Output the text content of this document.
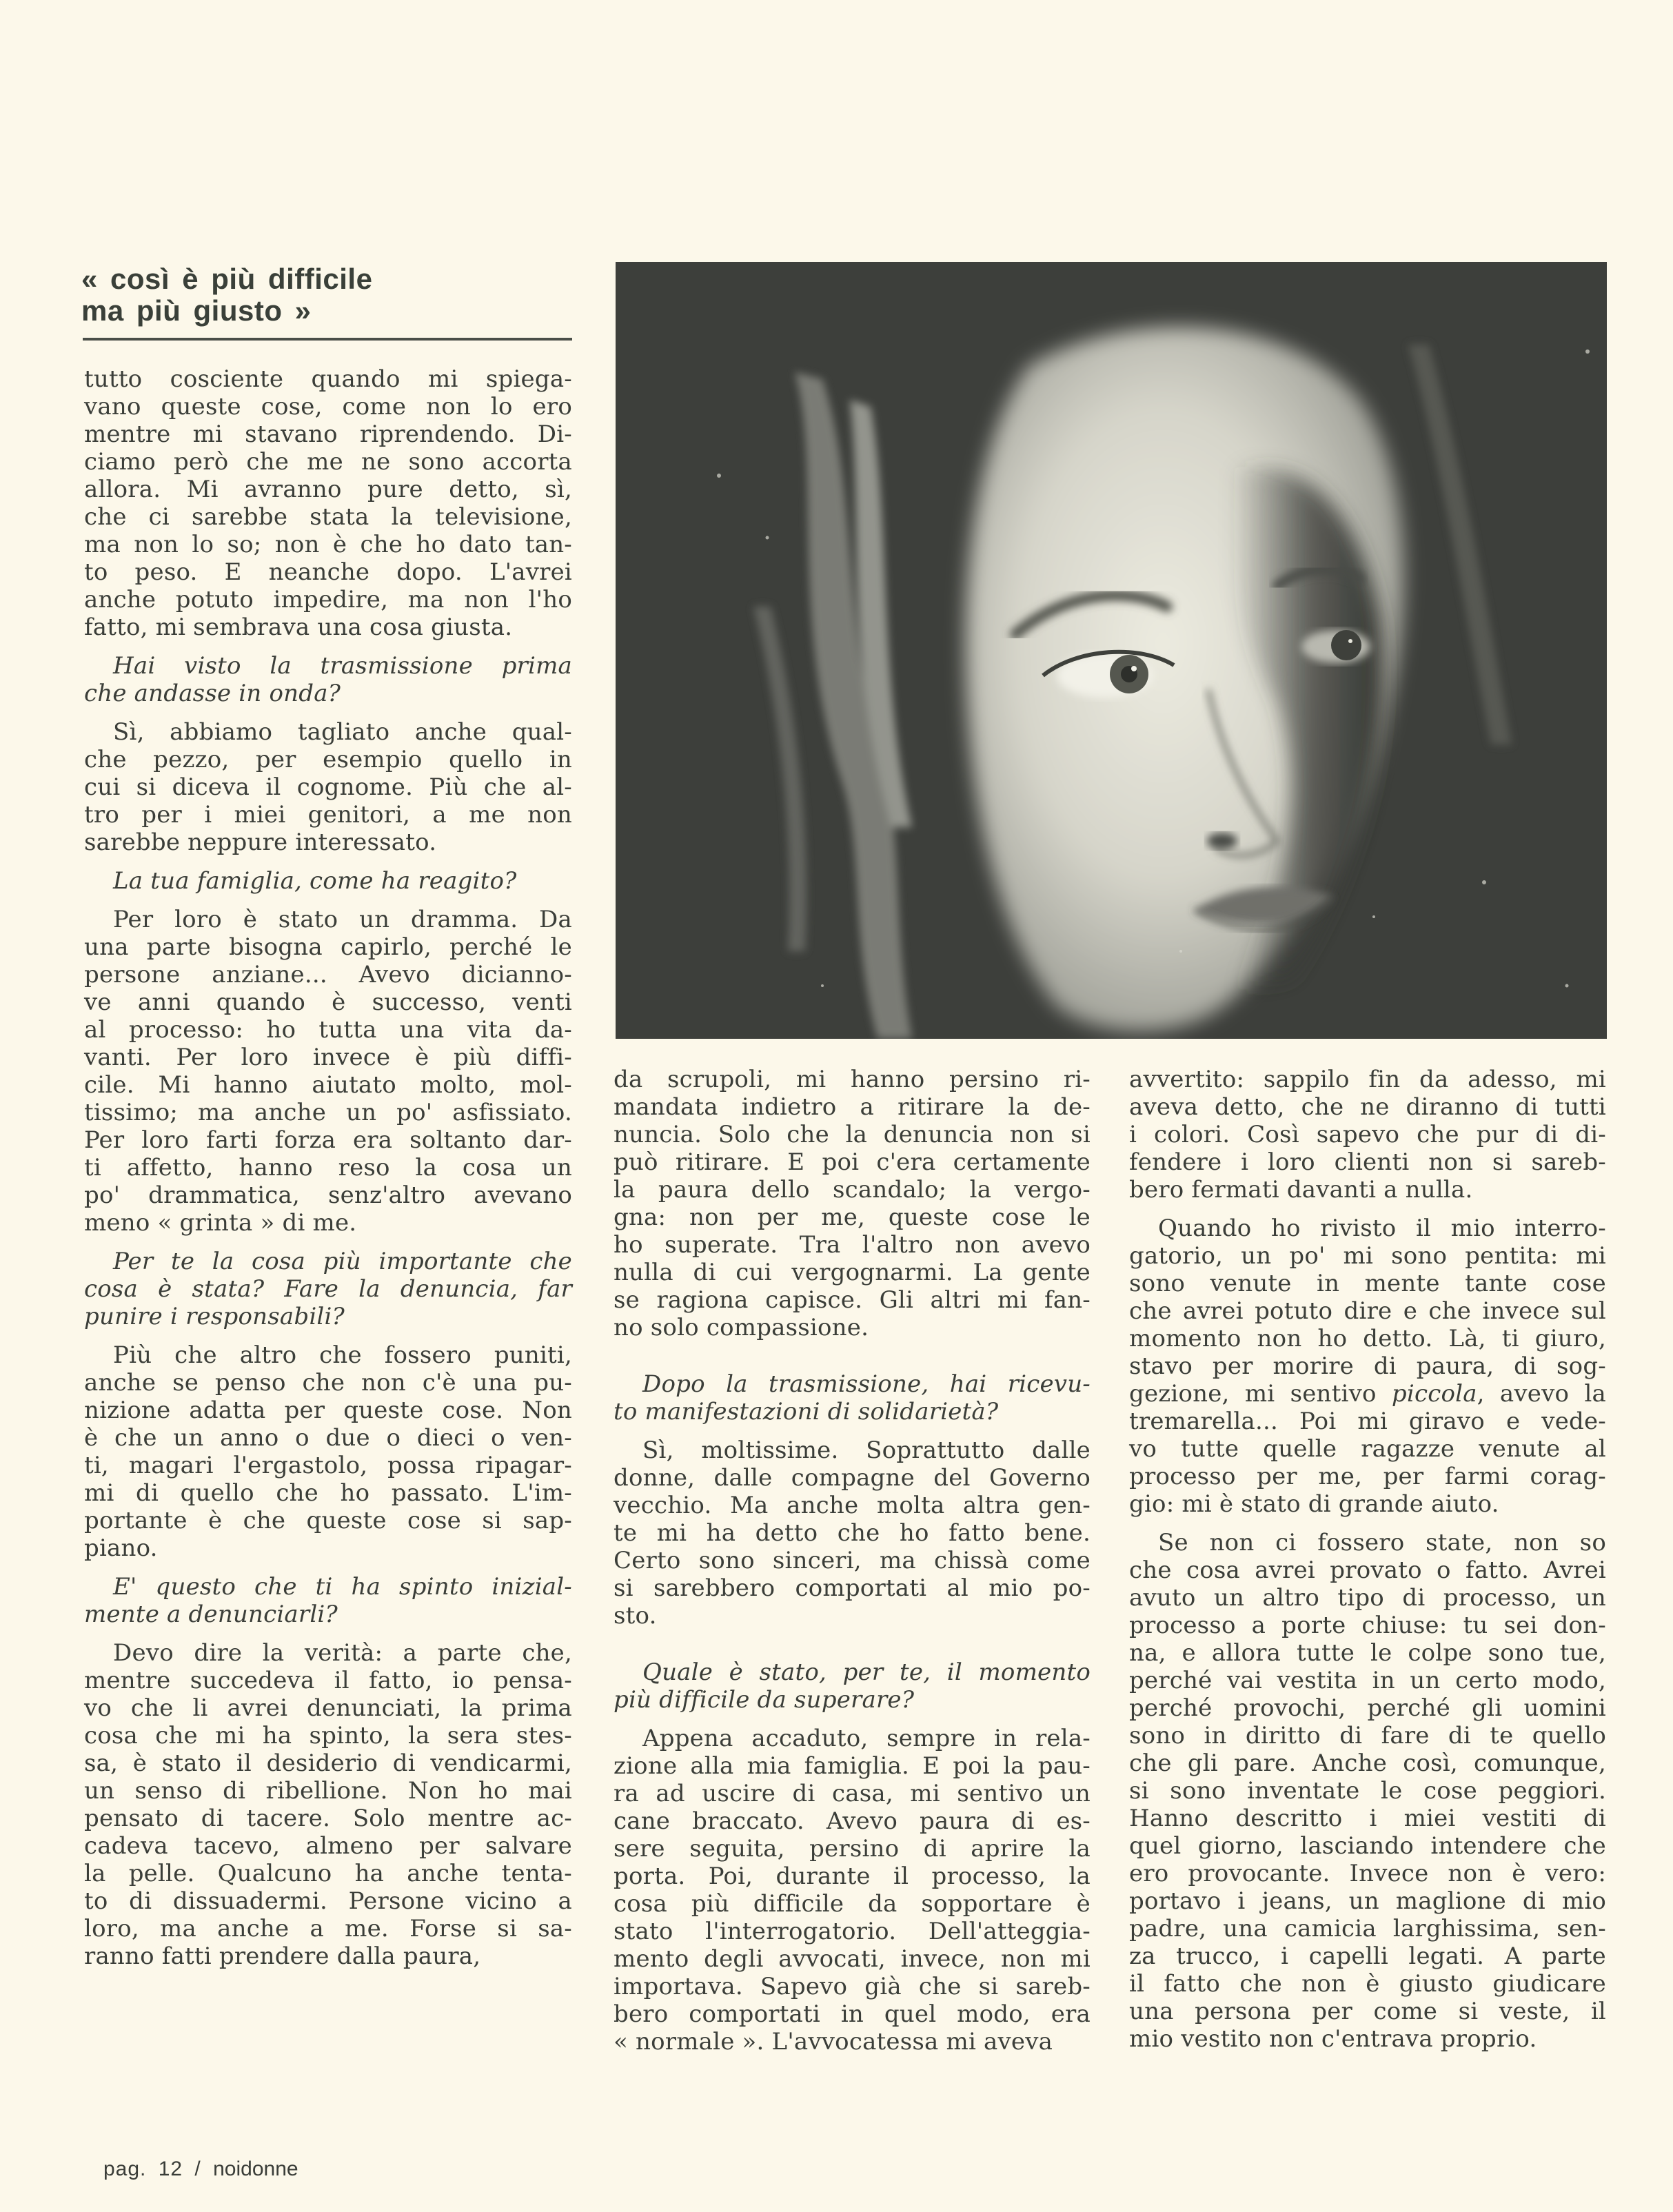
« così è più difficile
ma più giusto »
tutto cosciente quando mi spiega-
vano queste cose, come non lo ero
mentre mi stavano riprendendo. Di-
ciamo però che me ne sono accorta
allora. Mi avranno pure detto, sì,
che ci sarebbe stata la televisione,
ma non lo so; non è che ho dato tan-
to peso. E neanche dopo. L'avrei
anche potuto impedire, ma non l'ho
fatto, mi sembrava una cosa giusta.
Hai visto la trasmissione prima
che andasse in onda?
Sì, abbiamo tagliato anche qual-
che pezzo, per esempio quello in
cui si diceva il cognome. Più che al-
tro per i miei genitori, a me non
sarebbe neppure interessato.
La tua famiglia, come ha reagito?
Per loro è stato un dramma. Da
una parte bisogna capirlo, perché le
persone anziane... Avevo dicianno-
ve anni quando è successo, venti
al processo: ho tutta una vita da-
vanti. Per loro invece è più diffi-
cile. Mi hanno aiutato molto, mol-
tissimo; ma anche un po' asfissiato.
Per loro farti forza era soltanto dar-
ti affetto, hanno reso la cosa un
po' drammatica, senz'altro avevano
meno « grinta » di me.
Per te la cosa più importante che
cosa è stata? Fare la denuncia, far
punire i responsabili?
Più che altro che fossero puniti,
anche se penso che non c'è una pu-
nizione adatta per queste cose. Non
è che un anno o due o dieci o ven-
ti, magari l'ergastolo, possa ripagar-
mi di quello che ho passato. L'im-
portante è che queste cose si sap-
piano.
E' questo che ti ha spinto inizial-
mente a denunciarli?
Devo dire la verità: a parte che,
mentre succedeva il fatto, io pensa-
vo che li avrei denunciati, la prima
cosa che mi ha spinto, la sera stes-
sa, è stato il desiderio di vendicarmi,
un senso di ribellione. Non ho mai
pensato di tacere. Solo mentre ac-
cadeva tacevo, almeno per salvare
la pelle. Qualcuno ha anche tenta-
to di dissuadermi. Persone vicino a
loro, ma anche a me. Forse si sa-
ranno fatti prendere dalla paura,
da scrupoli, mi hanno persino ri-
mandata indietro a ritirare la de-
nuncia. Solo che la denuncia non si
può ritirare. E poi c'era certamente
la paura dello scandalo; la vergo-
gna: non per me, queste cose le
ho superate. Tra l'altro non avevo
nulla di cui vergognarmi. La gente
se ragiona capisce. Gli altri mi fan-
no solo compassione.
Dopo la trasmissione, hai ricevu-
to manifestazioni di solidarietà?
Sì, moltissime. Soprattutto dalle
donne, dalle compagne del Governo
vecchio. Ma anche molta altra gen-
te mi ha detto che ho fatto bene.
Certo sono sinceri, ma chissà come
si sarebbero comportati al mio po-
sto.
Quale è stato, per te, il momento
più difficile da superare?
Appena accaduto, sempre in rela-
zione alla mia famiglia. E poi la pau-
ra ad uscire di casa, mi sentivo un
cane braccato. Avevo paura di es-
sere seguita, persino di aprire la
porta. Poi, durante il processo, la
cosa più difficile da sopportare è
stato l'interrogatorio. Dell'atteggia-
mento degli avvocati, invece, non mi
importava. Sapevo già che si sareb-
bero comportati in quel modo, era
« normale ». L'avvocatessa mi aveva
avvertito: sappilo fin da adesso, mi
aveva detto, che ne diranno di tutti
i colori. Così sapevo che pur di di-
fendere i loro clienti non si sareb-
bero fermati davanti a nulla.
Quando ho rivisto il mio interro-
gatorio, un po' mi sono pentita: mi
sono venute in mente tante cose
che avrei potuto dire e che invece sul
momento non ho detto. Là, ti giuro,
stavo per morire di paura, di sog-
gezione, mi sentivo piccola, avevo la
tremarella... Poi mi giravo e vede-
vo tutte quelle ragazze venute al
processo per me, per farmi corag-
gio: mi è stato di grande aiuto.
Se non ci fossero state, non so
che cosa avrei provato o fatto. Avrei
avuto un altro tipo di processo, un
processo a porte chiuse: tu sei don-
na, e allora tutte le colpe sono tue,
perché vai vestita in un certo modo,
perché provochi, perché gli uomini
sono in diritto di fare di te quello
che gli pare. Anche così, comunque,
si sono inventate le cose peggiori.
Hanno descritto i miei vestiti di
quel giorno, lasciando intendere che
ero provocante. Invece non è vero:
portavo i jeans, un maglione di mio
padre, una camicia larghissima, sen-
za trucco, i capelli legati. A parte
il fatto che non è giusto giudicare
una persona per come si veste, il
mio vestito non c'entrava proprio.
pag. 12 / noidonne
